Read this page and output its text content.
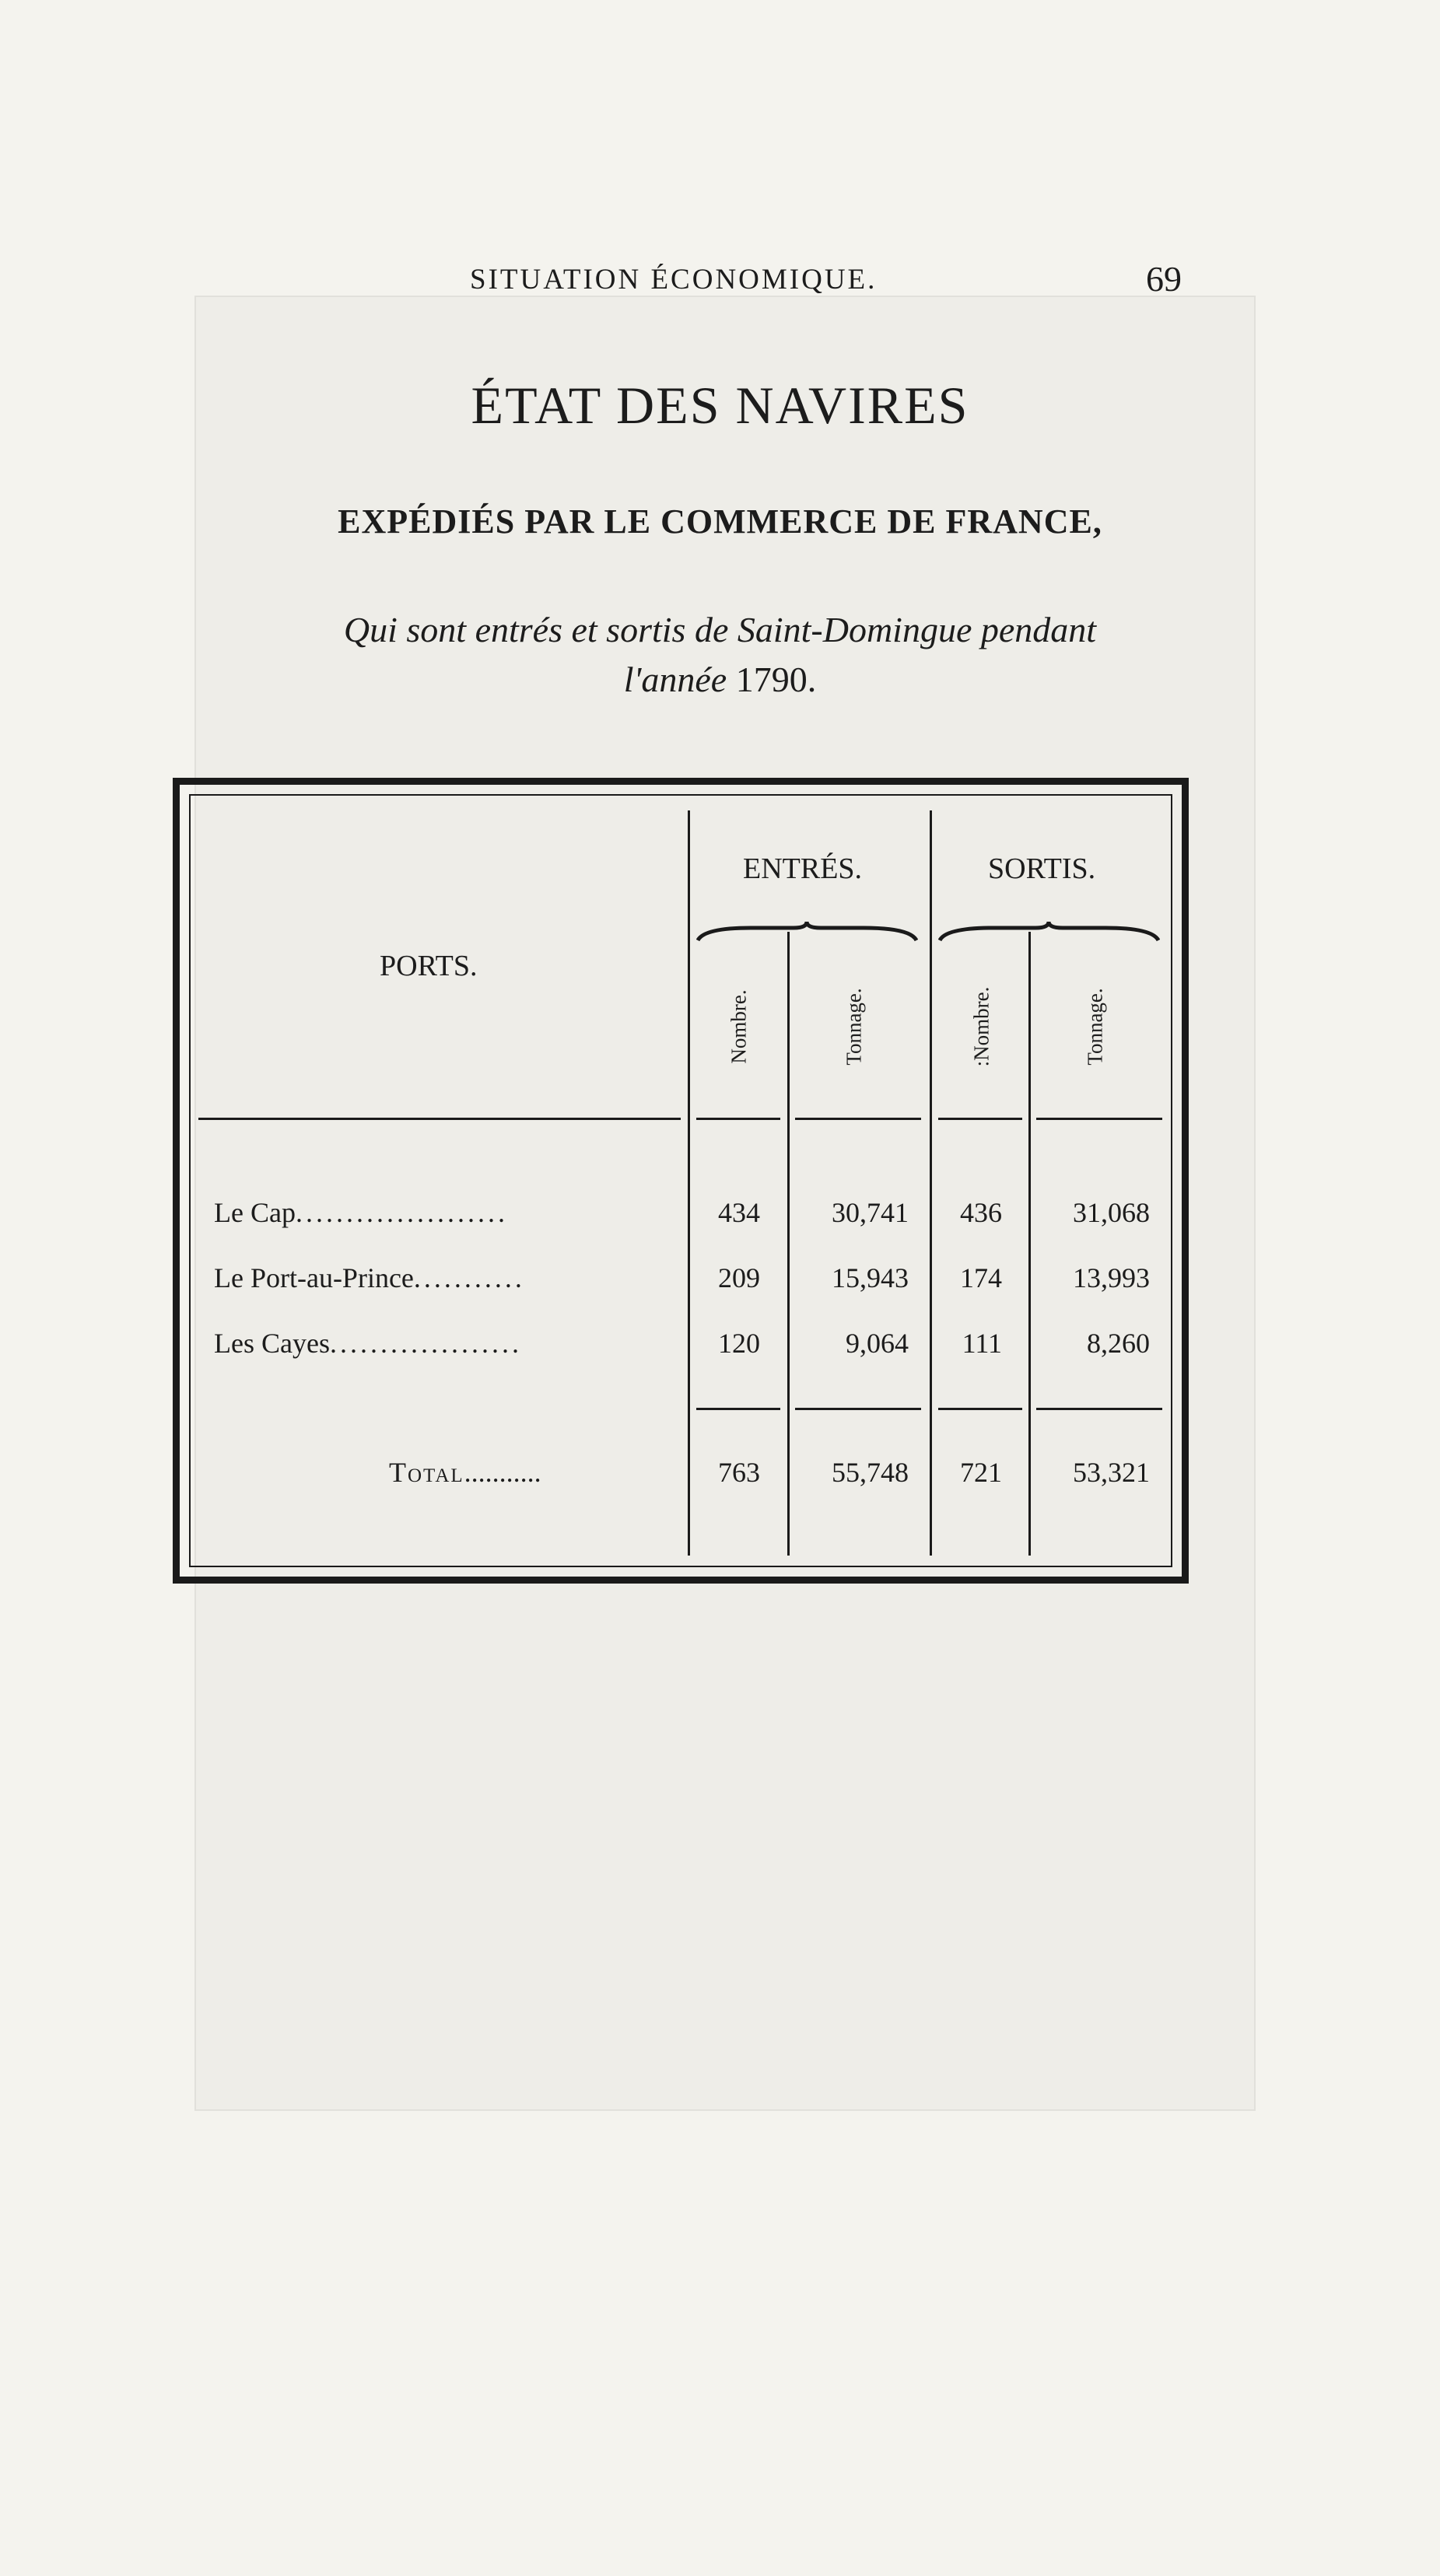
SITUATION ÉCONOMIQUE.	69
ÉTAT DES NAVIRES
EXPÉDIÉS PAR LE COMMERCE DE FRANCE,
Qui sont entrés et sortis de Saint-Domingue pendant
l'année 1790.
PORTS.
ENTRÉS.	SORTIS.
Nombre.	Tonnage.	:Nombre.	Tonnage.
Le Cap.....................	434	30,741	436	31,068
Le Port-au-Prince...........	209	15,943	174	13,993
Les Cayes...................	120	9,064	111	8,260
Total...........	763	55,748	721	53,321
